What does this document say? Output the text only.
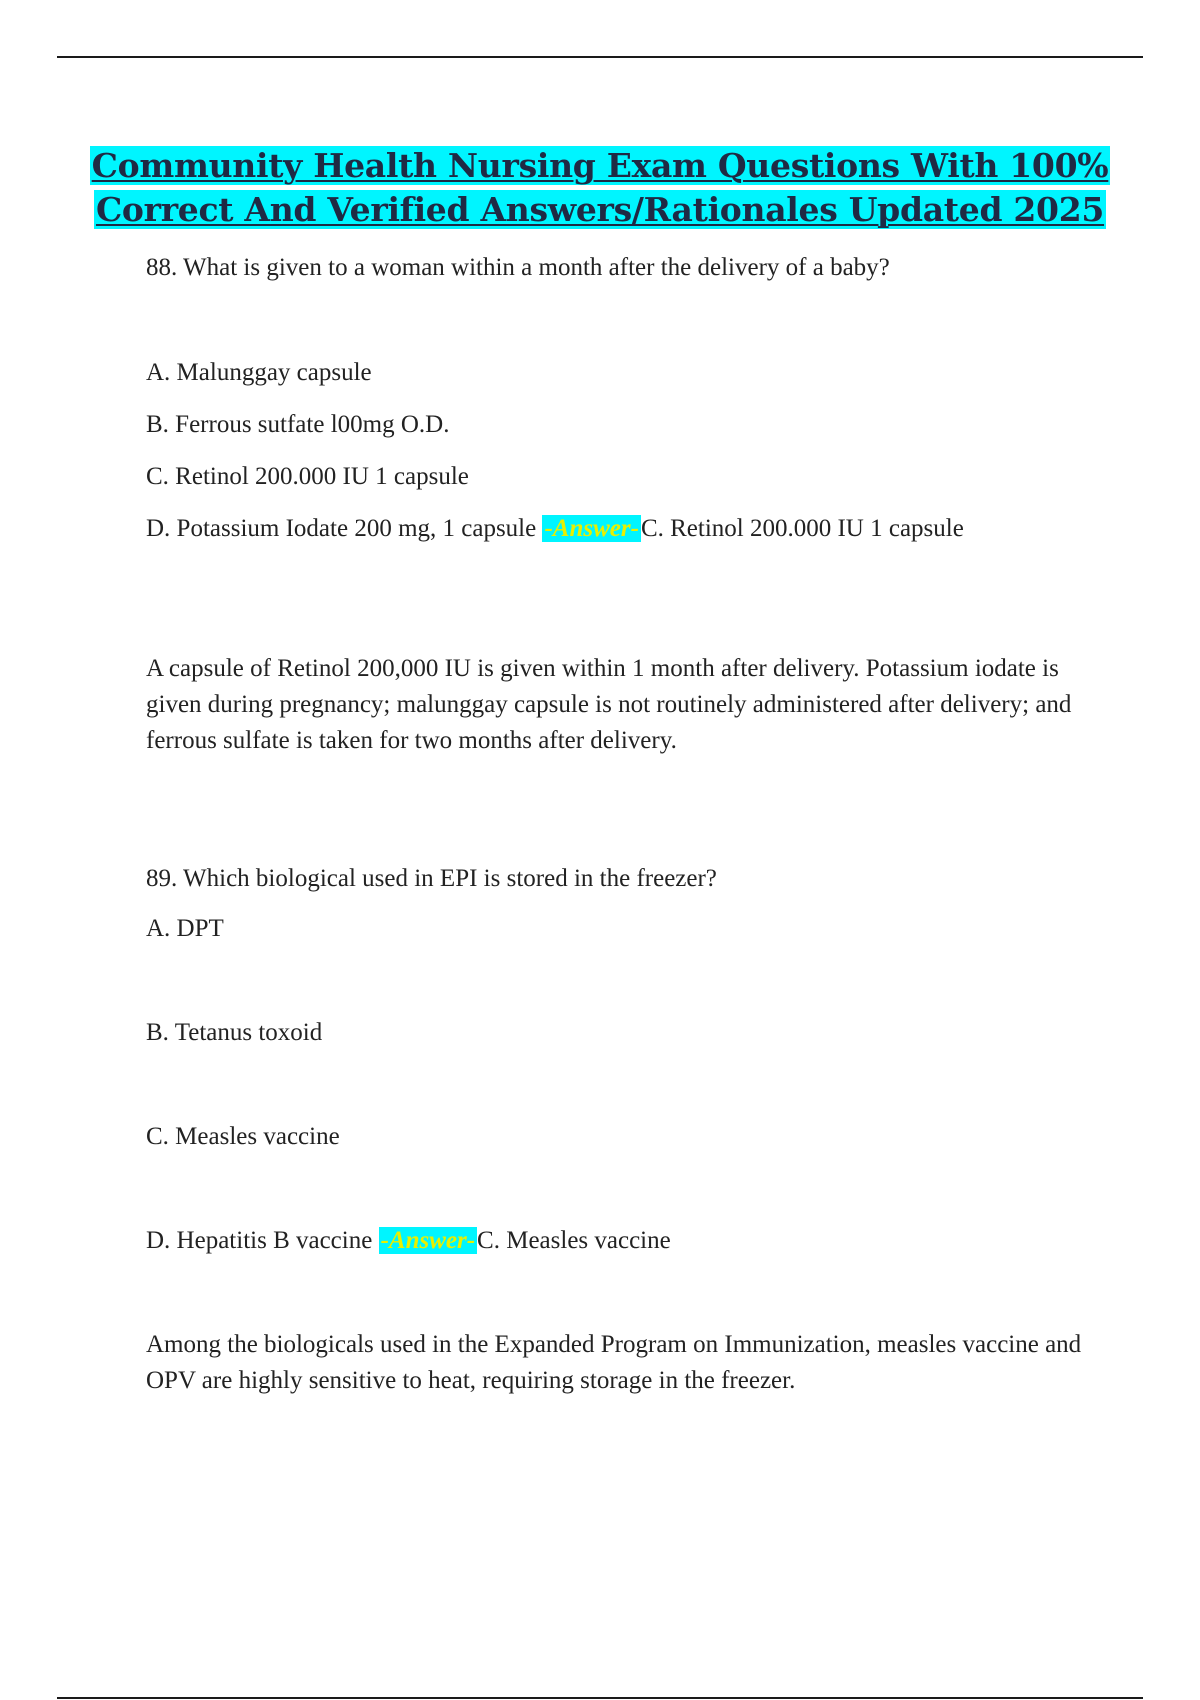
Community Health Nursing Exam Questions With 100%
Correct And Verified Answers/Rationales Updated 2025

88. What is given to a woman within a month after the delivery of a baby?

A. Malunggay capsule

B. Ferrous sutfate l00mg O.D.

C. Retinol 200.000 IU 1 capsule

D. Potassium Iodate 200 mg, 1 capsule -Answer-C. Retinol 200.000 IU 1 capsule

A capsule of Retinol 200,000 IU is given within 1 month after delivery. Potassium iodate is given during pregnancy; malunggay capsule is not routinely administered after delivery; and ferrous sulfate is taken for two months after delivery.

89. Which biological used in EPI is stored in the freezer?

A. DPT

B. Tetanus toxoid

C. Measles vaccine

D. Hepatitis B vaccine -Answer-C. Measles vaccine

Among the biologicals used in the Expanded Program on Immunization, measles vaccine and OPV are highly sensitive to heat, requiring storage in the freezer.
